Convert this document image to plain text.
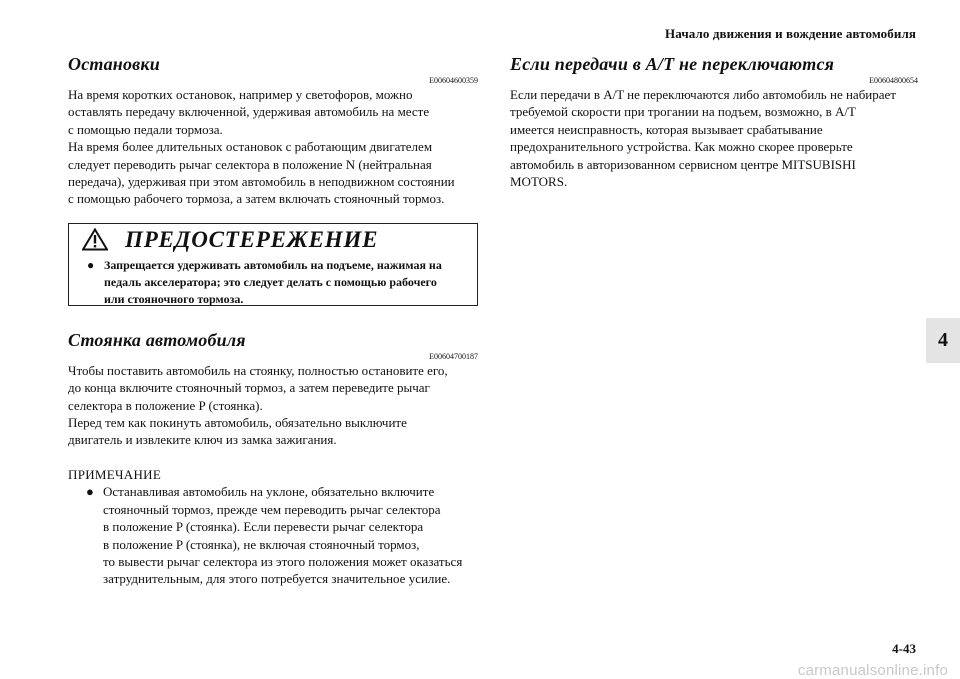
Начало движения и вождение автомобиля
4
Остановки
E00604600359
На время коротких остановок, например у светофоров, можно
оставлять передачу включенной, удерживая автомобиль на месте
с помощью педали тормоза.
На время более длительных остановок с работающим двигателем
следует переводить рычаг селектора в положение N (нейтральная
передача), удерживая при этом автомобиль в неподвижном состоянии
с помощью рабочего тормоза, а затем включать стояночный тормоз.
ПРЕДОСТЕРЕЖЕНИЕ
● Запрещается удерживать автомобиль на подъеме, нажимая на
педаль акселератора; это следует делать с помощью рабочего
или стояночного тормоза.
Стоянка автомобиля
E00604700187
Чтобы поставить автомобиль на стоянку, полностью остановите его,
до конца включите стояночный тормоз, а затем переведите рычаг
селектора в положение P (стоянка).
Перед тем как покинуть автомобиль, обязательно выключите
двигатель и извлеките ключ из замка зажигания.
ПРИМЕЧАНИЕ
● Останавливая автомобиль на уклоне, обязательно включите
стояночный тормоз, прежде чем переводить рычаг селектора
в положение P (стоянка). Если перевести рычаг селектора
в положение P (стоянка), не включая стояночный тормоз,
то вывести рычаг селектора из этого положения может оказаться
затруднительным, для этого потребуется значительное усилие.
Если передачи в A/T не переключаются
E00604800654
Если передачи в A/T не переключаются либо автомобиль не набирает
требуемой скорости при трогании на подъем, возможно, в A/T
имеется неисправность, которая вызывает срабатывание
предохранительного устройства. Как можно скорее проверьте
автомобиль в авторизованном сервисном центре MITSUBISHI
MOTORS.
4-43
carmanualsonline.info
